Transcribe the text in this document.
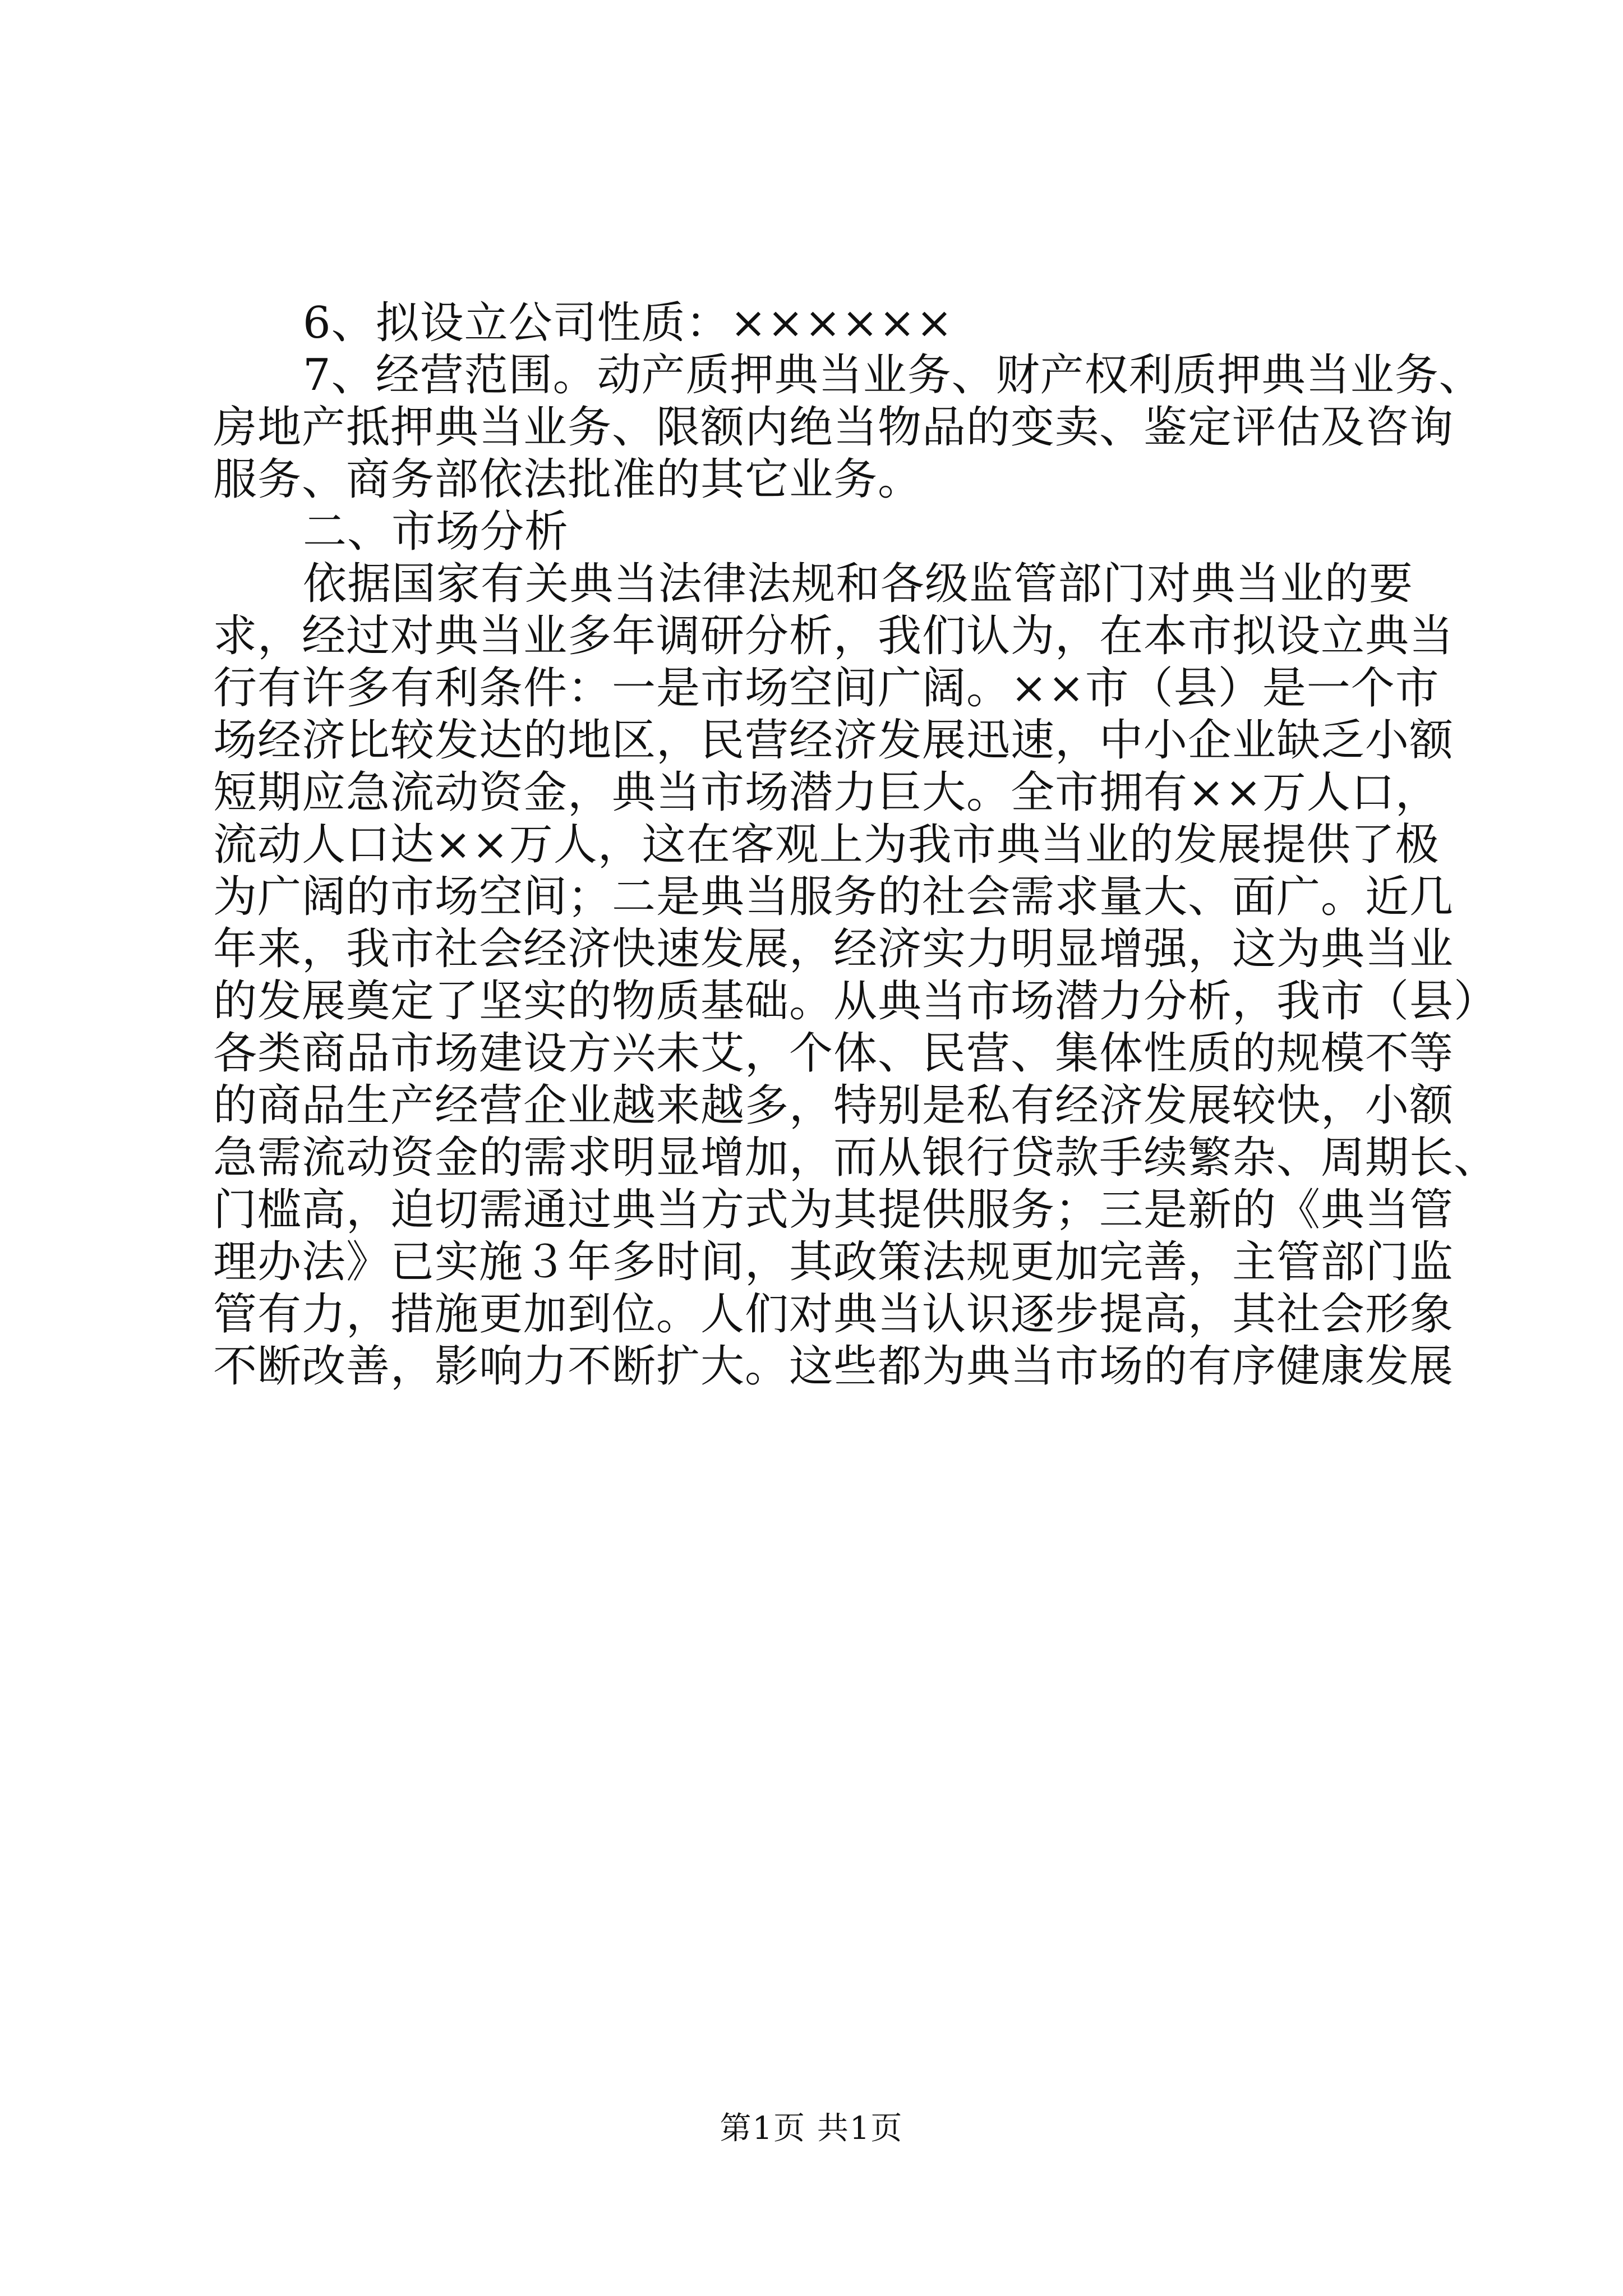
6、拟设立公司性质：××××××

7、经营范围。动产质押典当业务、财产权利质押典当业务、

房地产抵押典当业务、限额内绝当物品的变卖、鉴定评估及咨询

服务、商务部依法批准的其它业务。

二、市场分析

依据国家有关典当法律法规和各级监管部门对典当业的要

求，经过对典当业多年调研分析，我们认为，在本市拟设立典当

行有许多有利条件：一是市场空间广阔。××市（县）是一个市

场经济比较发达的地区，民营经济发展迅速，中小企业缺乏小额

短期应急流动资金，典当市场潜力巨大。全市拥有××万人口，

流动人口达××万人，这在客观上为我市典当业的发展提供了极

为广阔的市场空间；二是典当服务的社会需求量大、面广。近几

年来，我市社会经济快速发展，经济实力明显增强，这为典当业

的发展奠定了坚实的物质基础。从典当市场潜力分析，我市（县）

各类商品市场建设方兴未艾，个体、民营、集体性质的规模不等

的商品生产经营企业越来越多，特别是私有经济发展较快，小额

急需流动资金的需求明显增加，而从银行贷款手续繁杂、周期长、

门槛高，迫切需通过典当方式为其提供服务；三是新的《典当管

理办法》已实施３年多时间，其政策法规更加完善，主管部门监

管有力，措施更加到位。人们对典当认识逐步提高，其社会形象

不断改善，影响力不断扩大。这些都为典当市场的有序健康发展

第1页 共1页
